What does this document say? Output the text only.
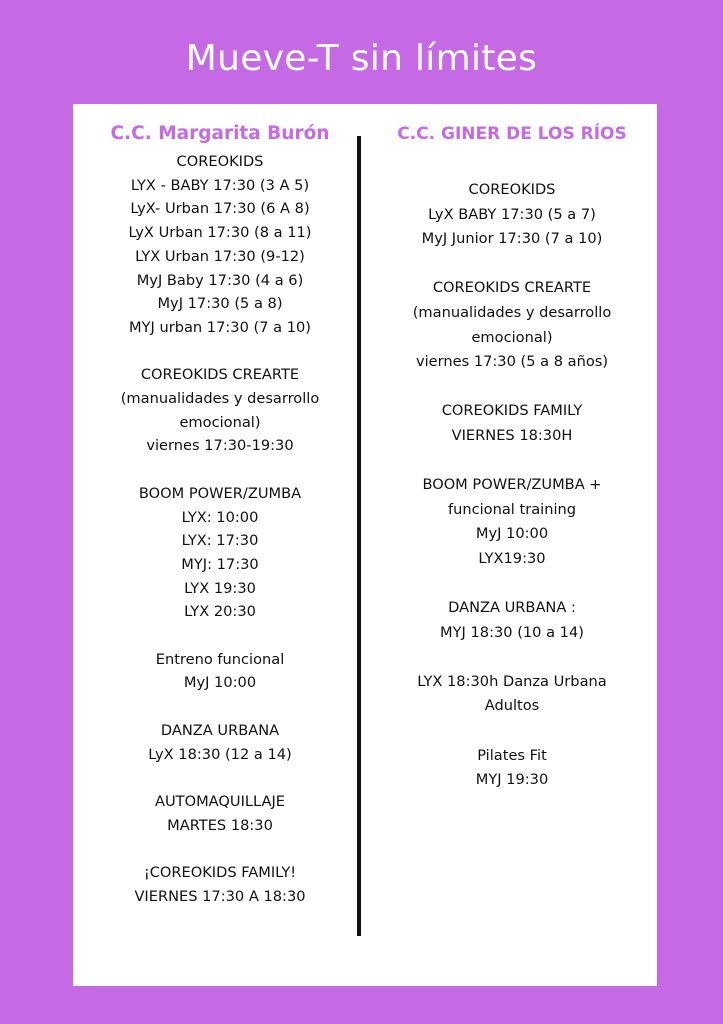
Mueve-T sin límites
C.C. Margarita Burón
COREOKIDS
LYX - BABY 17:30 (3 A 5)
LyX- Urban 17:30 (6 A 8)
LyX Urban 17:30 (8 a 11)
LYX Urban 17:30 (9-12)
MyJ Baby 17:30 (4 a 6)
MyJ 17:30 (5 a 8)
MYJ urban 17:30 (7 a 10)
COREOKIDS CREARTE
(manualidades y desarrollo
emocional)
viernes 17:30-19:30
BOOM POWER/ZUMBA
LYX: 10:00
LYX: 17:30
MYJ: 17:30
LYX 19:30
LYX 20:30
Entreno funcional
MyJ 10:00
DANZA URBANA
LyX 18:30 (12 a 14)
AUTOMAQUILLAJE
MARTES 18:30
¡COREOKIDS FAMILY!
VIERNES 17:30 A 18:30
C.C. GINER DE LOS RÍOS
COREOKIDS
LyX BABY 17:30 (5 a 7)
MyJ Junior 17:30 (7 a 10)
COREOKIDS CREARTE
(manualidades y desarrollo
emocional)
viernes 17:30 (5 a 8 años)
COREOKIDS FAMILY
VIERNES 18:30H
BOOM POWER/ZUMBA +
funcional training
MyJ 10:00
LYX19:30
DANZA URBANA :
MYJ 18:30 (10 a 14)
LYX 18:30h Danza Urbana
Adultos
Pilates Fit
MYJ 19:30
